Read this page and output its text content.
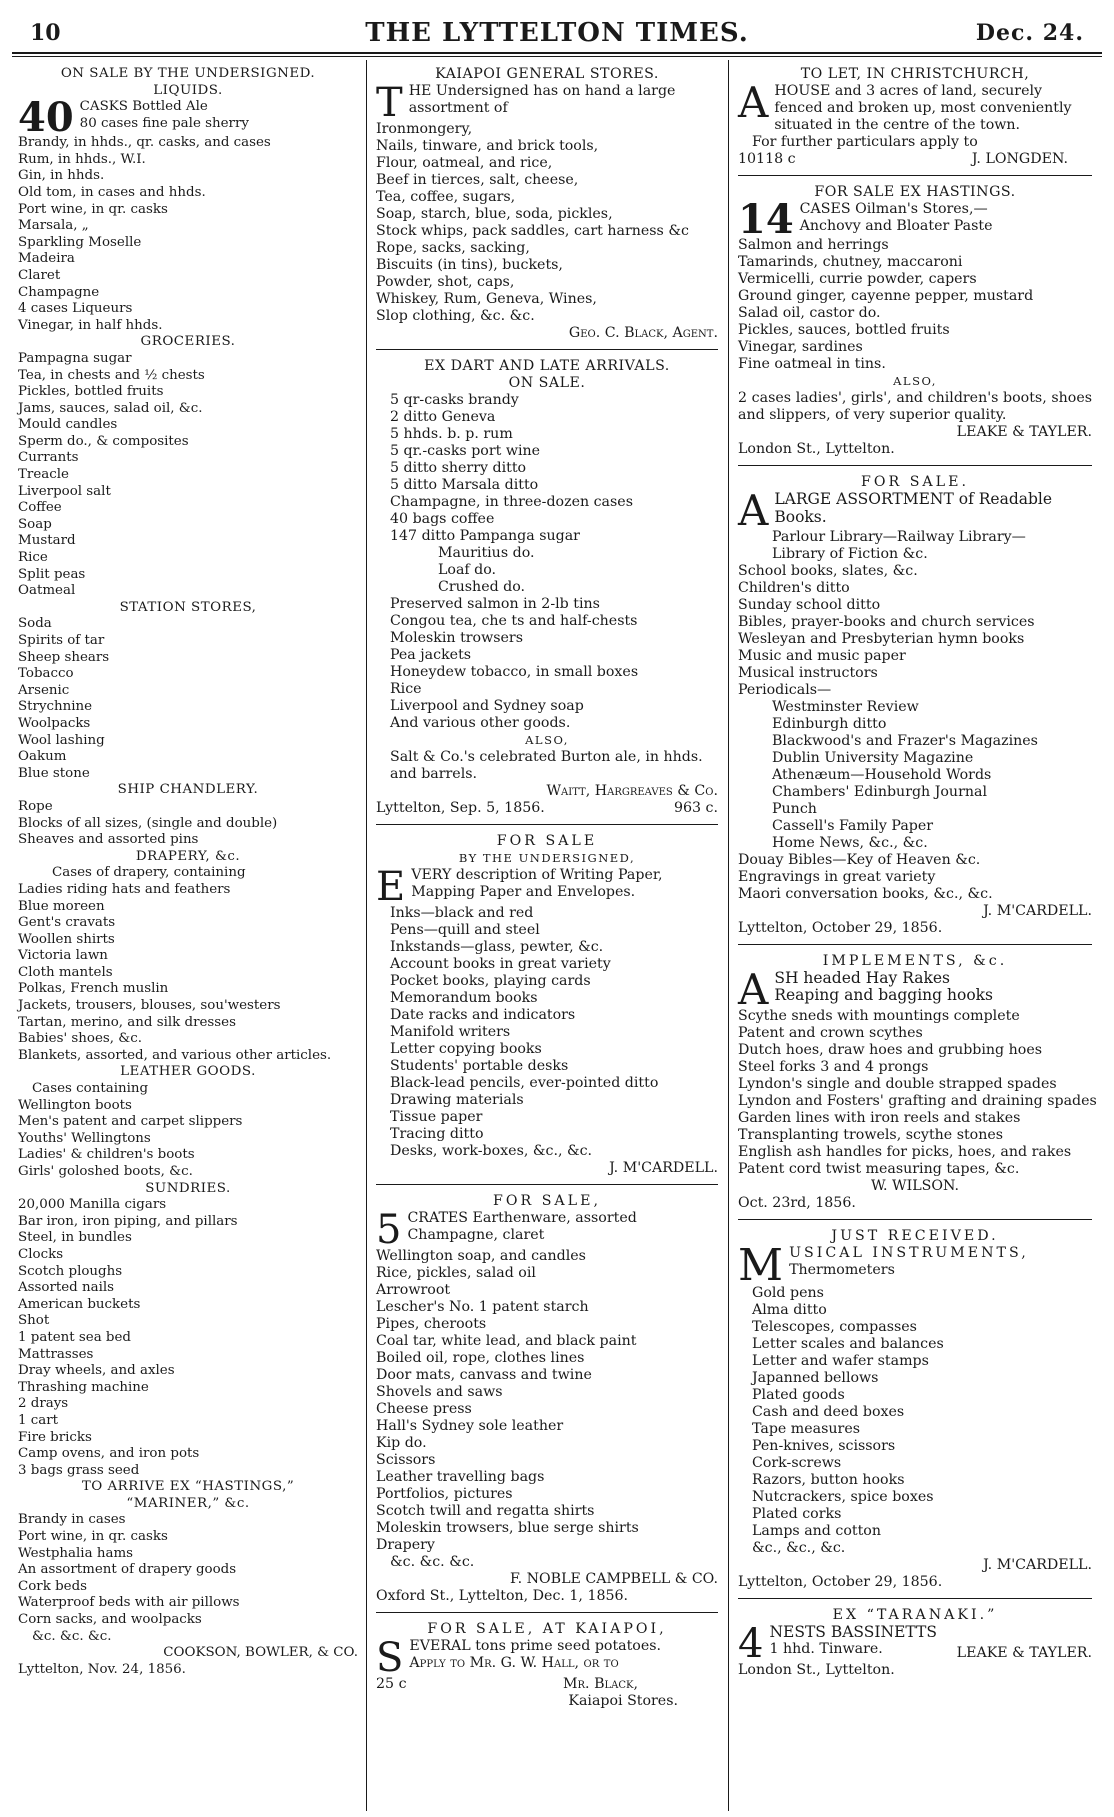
10	THE LYTTELTON TIMES.	Dec. 24.
ON SALE BY THE UNDERSIGNED.
LIQUIDS.
40 CASKS Bottled Ale
80 cases fine pale sherry
Brandy, in hhds., qr. casks, and cases
Rum, in hhds., W.I.
Gin, in hhds.
Old tom, in cases and hhds.
Port wine, in qr. casks
Marsala, „
Sparkling Moselle
Madeira
Claret
Champagne
4 cases Liqueurs
Vinegar, in half hhds.
GROCERIES.
Pampagna sugar
Tea, in chests and ½ chests
Pickles, bottled fruits
Jams, sauces, salad oil, &c.
Mould candles
Sperm do., & composites
Currants
Treacle
Liverpool salt
Coffee
Soap
Mustard
Rice
Split peas
Oatmeal
STATION STORES,
Soda
Spirits of tar
Sheep shears
Tobacco
Arsenic
Strychnine
Woolpacks
Wool lashing
Oakum
Blue stone
SHIP CHANDLERY.
Rope
Blocks of all sizes, (single and double)
Sheaves and assorted pins
DRAPERY, &c.
Cases of drapery, containing
Ladies riding hats and feathers
Blue moreen
Gent's cravats
Woollen shirts
Victoria lawn
Cloth mantels
Polkas, French muslin
Jackets, trousers, blouses, sou'westers
Tartan, merino, and silk dresses
Babies' shoes, &c.
Blankets, assorted, and various other articles.
LEATHER GOODS.
Cases containing
Wellington boots
Men's patent and carpet slippers
Youths' Wellingtons
Ladies' & children's boots
Girls' goloshed boots, &c.
SUNDRIES.
20,000 Manilla cigars
Bar iron, iron piping, and pillars
Steel, in bundles
Clocks
Scotch ploughs
Assorted nails
American buckets
Shot
1 patent sea bed
Mattrasses
Dray wheels, and axles
Thrashing machine
2 drays
1 cart
Fire bricks
Camp ovens, and iron pots
3 bags grass seed
TO ARRIVE EX “HASTINGS,”
“MARINER,” &c.
Brandy in cases
Port wine, in qr. casks
Westphalia hams
An assortment of drapery goods
Cork beds
Waterproof beds with air pillows
Corn sacks, and woolpacks
&c. &c. &c.
COOKSON, BOWLER, & CO.
Lyttelton, Nov. 24, 1856.
KAIAPOI GENERAL STORES.
T HE Undersigned has on hand a large assortment of
Ironmongery,
Nails, tinware, and brick tools,
Flour, oatmeal, and rice,
Beef in tierces, salt, cheese,
Tea, coffee, sugars,
Soap, starch, blue, soda, pickles,
Stock whips, pack saddles, cart harness &c
Rope, sacks, sacking,
Biscuits (in tins), buckets,
Powder, shot, caps,
Whiskey, Rum, Geneva, Wines,
Slop clothing, &c. &c.
Geo. C. Black, Agent.
EX DART AND LATE ARRIVALS.
ON SALE.
5 qr-casks brandy
2 ditto Geneva
5 hhds. b. p. rum
5 qr.-casks port wine
5 ditto sherry ditto
5 ditto Marsala ditto
Champagne, in three-dozen cases
40 bags coffee
147 ditto Pampanga sugar
Mauritius do.
Loaf do.
Crushed do.
Preserved salmon in 2-lb tins
Congou tea, che ts and half-chests
Moleskin trowsers
Pea jackets
Honeydew tobacco, in small boxes
Rice
Liverpool and Sydney soap
And various other goods.
ALSO,
Salt & Co.'s celebrated Burton ale, in hhds. and barrels.
Waitt, Hargreaves & Co.
Lyttelton, Sep. 5, 1856.	963 c.
FOR SALE
BY THE UNDERSIGNED,
E VERY description of Writing Paper, Mapping Paper and Envelopes.
Inks—black and red
Pens—quill and steel
Inkstands—glass, pewter, &c.
Account books in great variety
Pocket books, playing cards
Memorandum books
Date racks and indicators
Manifold writers
Letter copying books
Students' portable desks
Black-lead pencils, ever-pointed ditto
Drawing materials
Tissue paper
Tracing ditto
Desks, work-boxes, &c., &c.
J. M'CARDELL.
FOR SALE,
5 CRATES Earthenware, assorted
Champagne, claret
Wellington soap, and candles
Rice, pickles, salad oil
Arrowroot
Lescher's No. 1 patent starch
Pipes, cheroots
Coal tar, white lead, and black paint
Boiled oil, rope, clothes lines
Door mats, canvass and twine
Shovels and saws
Cheese press
Hall's Sydney sole leather
Kip do.
Scissors
Leather travelling bags
Portfolios, pictures
Scotch twill and regatta shirts
Moleskin trowsers, blue serge shirts
Drapery
&c. &c. &c.
F. NOBLE CAMPBELL & CO.
Oxford St., Lyttelton, Dec. 1, 1856.
FOR SALE, AT KAIAPOI,
S EVERAL tons prime seed potatoes.
Apply to Mr. G. W. Hall, or to
25 c	Mr. Black,
Kaiapoi Stores.
TO LET, IN CHRISTCHURCH,
A HOUSE and 3 acres of land, securely fenced and broken up, most conveniently situated in the centre of the town.
For further particulars apply to
10118 c	J. LONGDEN.
FOR SALE EX HASTINGS.
14 CASES Oilman's Stores,—
Anchovy and Bloater Paste
Salmon and herrings
Tamarinds, chutney, maccaroni
Vermicelli, currie powder, capers
Ground ginger, cayenne pepper, mustard
Salad oil, castor do.
Pickles, sauces, bottled fruits
Vinegar, sardines
Fine oatmeal in tins.
ALSO,
2 cases ladies', girls', and children's boots, shoes and slippers, of very superior quality.
LEAKE & TAYLER.
London St., Lyttelton.
FOR SALE.
A LARGE ASSORTMENT of Readable Books.
Parlour Library—Railway Library—
Library of Fiction &c.
School books, slates, &c.
Children's ditto
Sunday school ditto
Bibles, prayer-books and church services
Wesleyan and Presbyterian hymn books
Music and music paper
Musical instructors
Periodicals—
Westminster Review
Edinburgh ditto
Blackwood's and Frazer's Magazines
Dublin University Magazine
Athenæum—Household Words
Chambers' Edinburgh Journal
Punch
Cassell's Family Paper
Home News, &c., &c.
Douay Bibles—Key of Heaven &c.
Engravings in great variety
Maori conversation books, &c., &c.
J. M'CARDELL.
Lyttelton, October 29, 1856.
IMPLEMENTS, &c.
A SH headed Hay Rakes
Reaping and bagging hooks
Scythe sneds with mountings complete
Patent and crown scythes
Dutch hoes, draw hoes and grubbing hoes
Steel forks 3 and 4 prongs
Lyndon's single and double strapped spades
Lyndon and Fosters' grafting and draining spades
Garden lines with iron reels and stakes
Transplanting trowels, scythe stones
English ash handles for picks, hoes, and rakes
Patent cord twist measuring tapes, &c.
W. WILSON.
Oct. 23rd, 1856.
JUST RECEIVED.
M USICAL INSTRUMENTS,
Thermometers
Gold pens
Alma ditto
Telescopes, compasses
Letter scales and balances
Letter and wafer stamps
Japanned bellows
Plated goods
Cash and deed boxes
Tape measures
Pen-knives, scissors
Cork-screws
Razors, button hooks
Nutcrackers, spice boxes
Plated corks
Lamps and cotton
&c., &c., &c.
J. M'CARDELL.
Lyttelton, October 29, 1856.
EX “TARANAKI.”
4 NESTS BASSINETTS
1 hhd. Tinware.	LEAKE & TAYLER.
London St., Lyttelton.
